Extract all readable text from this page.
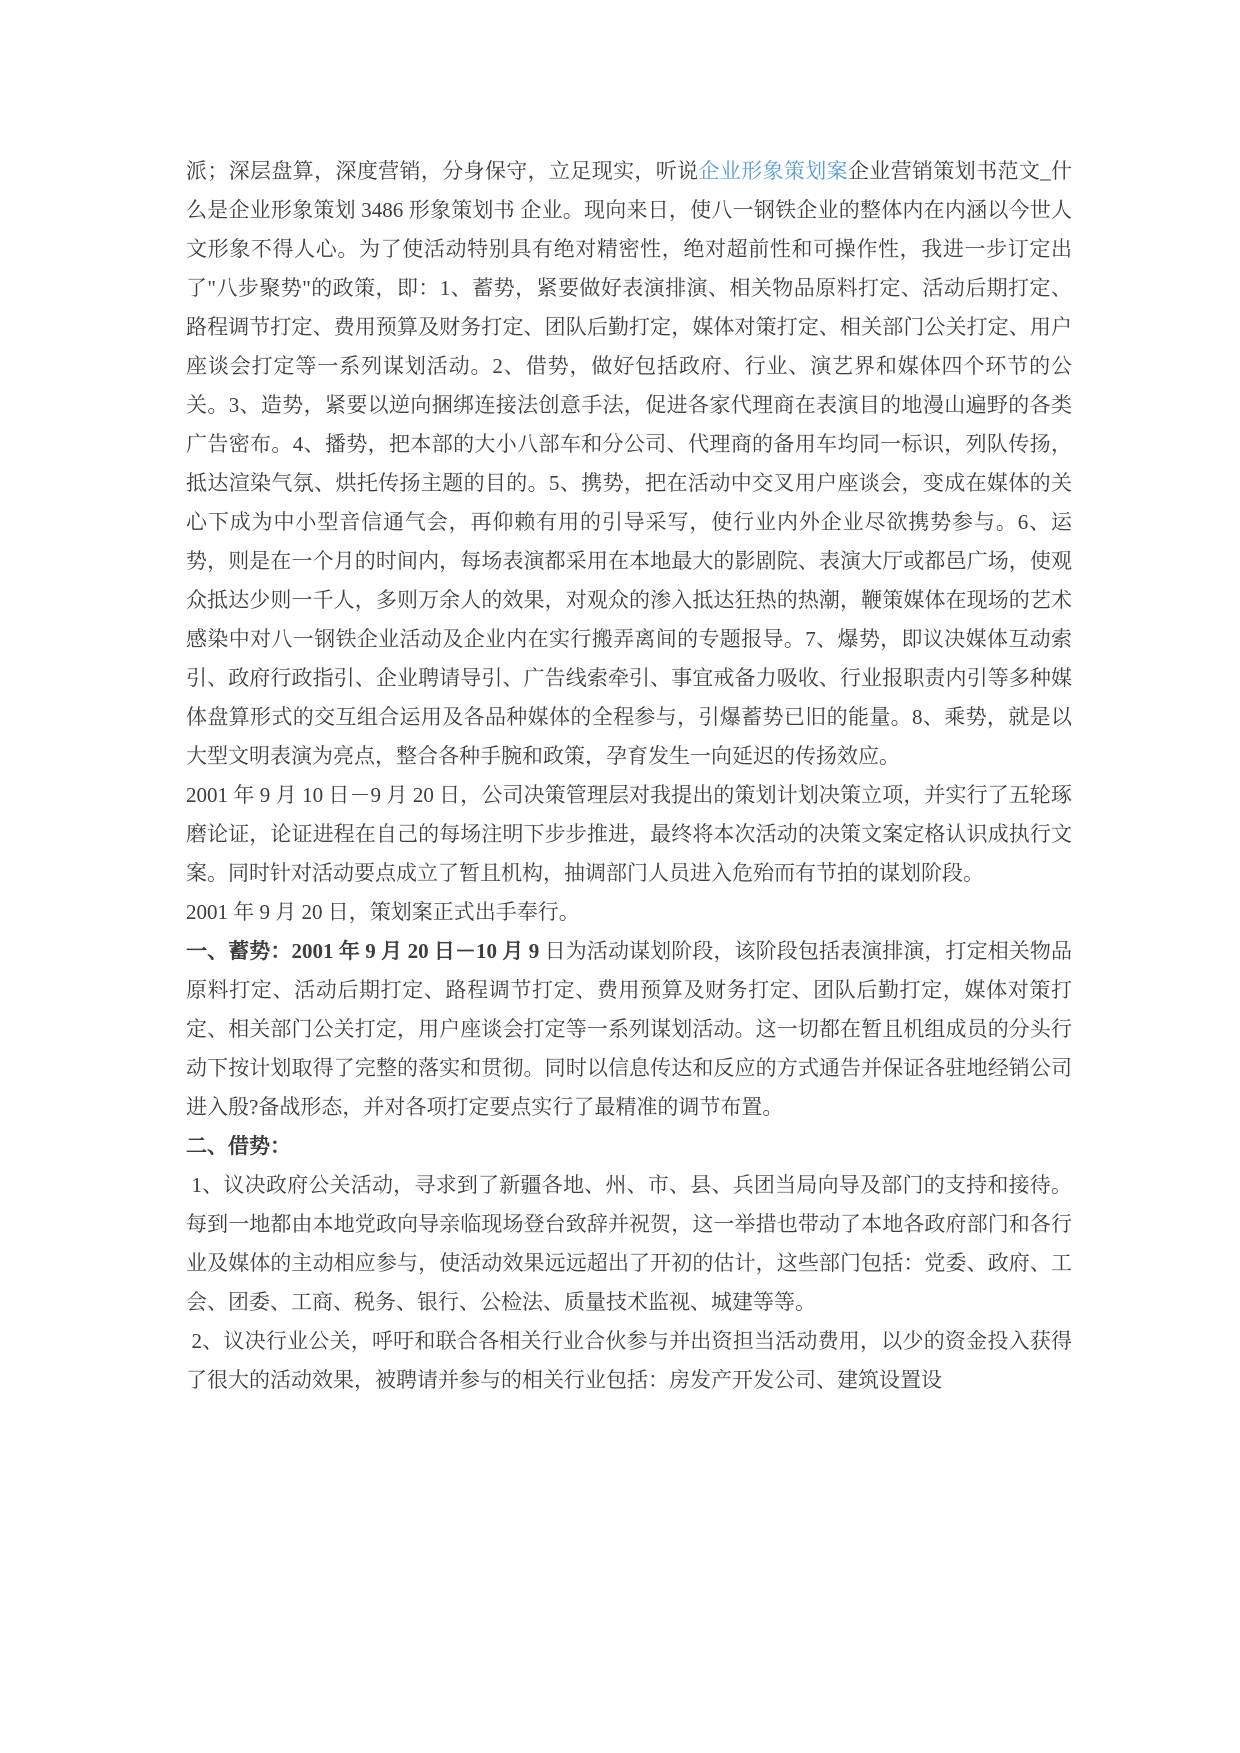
派；深层盘算，深度营销，分身保守，立足现实，听说企业形象策划案企业营销策划书范文_什么是企业形象策划 3486 形象策划书 企业。现向来日，使八一钢铁企业的整体内在内涵以今世人文形象不得人心。为了使活动特别具有绝对精密性，绝对超前性和可操作性，我进一步订定出了"八步聚势"的政策，即：1、蓄势，紧要做好表演排演、相关物品原料打定、活动后期打定、路程调节打定、费用预算及财务打定、团队后勤打定，媒体对策打定、相关部门公关打定、用户座谈会打定等一系列谋划活动。2、借势，做好包括政府、行业、演艺界和媒体四个环节的公关。3、造势，紧要以逆向捆绑连接法创意手法，促进各家代理商在表演目的地漫山遍野的各类广告密布。4、播势，把本部的大小八部车和分公司、代理商的备用车均同一标识，列队传扬，抵达渲染气氛、烘托传扬主题的目的。5、携势，把在活动中交叉用户座谈会，变成在媒体的关心下成为中小型音信通气会，再仰赖有用的引导采写，使行业内外企业尽欲携势参与。6、运势，则是在一个月的时间内，每场表演都采用在本地最大的影剧院、表演大厅或都邑广场，使观众抵达少则一千人，多则万余人的效果，对观众的渗入抵达狂热的热潮，鞭策媒体在现场的艺术感染中对八一钢铁企业活动及企业内在实行搬弄离间的专题报导。7、爆势，即议决媒体互动索引、政府行政指引、企业聘请导引、广告线索牵引、事宜戒备力吸收、行业报职责内引等多种媒体盘算形式的交互组合运用及各品种媒体的全程参与，引爆蓄势已旧的能量。8、乘势，就是以大型文明表演为亮点，整合各种手腕和政策，孕育发生一向延迟的传扬效应。

2001 年 9 月 10 日－9 月 20 日，公司决策管理层对我提出的策划计划决策立项，并实行了五轮琢磨论证，论证进程在自己的每场注明下步步推进，最终将本次活动的决策文案定格认识成执行文案。同时针对活动要点成立了暂且机构，抽调部门人员进入危殆而有节拍的谋划阶段。

2001 年 9 月 20 日，策划案正式出手奉行。

一、蓄势：2001 年 9 月 20 日－10 月 9 日为活动谋划阶段，该阶段包括表演排演，打定相关物品原料打定、活动后期打定、路程调节打定、费用预算及财务打定、团队后勤打定，媒体对策打定、相关部门公关打定，用户座谈会打定等一系列谋划活动。这一切都在暂且机组成员的分头行动下按计划取得了完整的落实和贯彻。同时以信息传达和反应的方式通告并保证各驻地经销公司进入殷?备战形态，并对各项打定要点实行了最精准的调节布置。

二、借势：

1、议决政府公关活动，寻求到了新疆各地、州、市、县、兵团当局向导及部门的支持和接待。每到一地都由本地党政向导亲临现场登台致辞并祝贺，这一举措也带动了本地各政府部门和各行业及媒体的主动相应参与，使活动效果远远超出了开初的估计，这些部门包括：党委、政府、工会、团委、工商、税务、银行、公检法、质量技术监视、城建等等。

2、议决行业公关，呼吁和联合各相关行业合伙参与并出资担当活动费用，以少的资金投入获得了很大的活动效果，被聘请并参与的相关行业包括：房发产开发公司、建筑设置设
